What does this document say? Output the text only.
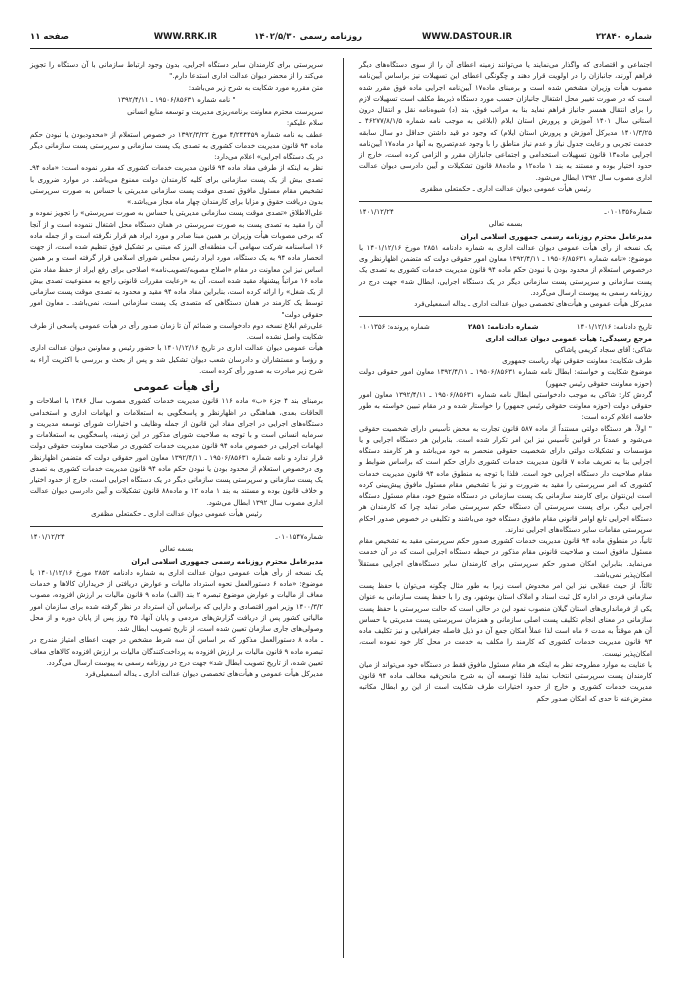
شماره ۲۲۸۴۰
WWW.DASTOUR.IR
روزنامه رسمی ۱۴۰۲/۵/۳۰
WWW.RRK.IR
صفحه ۱۱

اجتماعی و اقتصادی که واگذار می‌نمایند یا می‌توانند زمینه اعطای آن را از سوی دستگاه‌های دیگر فراهم آورند، جانبازان را در اولویت قرار دهند و چگونگی اعطای این تسهیلات نیز براساس آیین‌نامه مصوب هیأت وزیران مشخص شده است و برمبنای ماده۱۷ آیین‌نامه اجرایی ماده فوق مقرر شده است که در صورت تغییر محل اشتغال جانبازان حسب مورد دستگاه ذیربط مکلف است تسهیلات لازم را برای انتقال همسر جانباز فراهم نماید بنا به مراتب فوق، بند (د) شیوه‌نامه نقل و انتقال درون استانی سال ۱۴۰۱ آموزش و پرورش استان ایلام (ابلاغی به موجب نامه شماره ۴۶۲۷۷/۸/۱/۵ ـ ۱۴۰۱/۳/۲۵ مدیرکل آموزش و پرورش استان ایلام) که وجود دو قید داشتن حداقل دو سال سابقه خدمت تجربی و رعایت جدول نیاز و عدم نیاز مناطق را با وجود عدم‌تصریح به آنها در ماده۱۷ آیین‌نامه اجرایی ماده۱۳ قانون تسهیلات استخدامی و اجتماعی جانبازان مقرر و الزامی کرده است، خارج از حدود اختیار بوده و مستند به بند ۱ ماده۱۲ و ماده۸۸ قانون تشکیلات و آیین دادرسی دیوان عدالت اداری مصوب سال ۱۳۹۲ ابطال می‌شود.

رئیس هیأت عمومی دیوان عدالت اداری ـ حکمتعلی مظفری

شماره۰۱۰۱۳۵۶ـ
۱۴۰۱/۱۲/۲۴

بسمه تعالی

مدیرعامل محترم روزنامه رسمی جمهوری اسلامی ایران

یک نسخه از رأی هیأت عمومی دیوان عدالت اداری به شماره دادنامه ۲۸۵۱ مورخ ۱۴۰۱/۱۲/۱۶ با موضوع: «نامه شماره ۱۹۵۰۶/۸۵۶۳۱ ـ ۱۳۹۲/۴/۱۱ معاون امور حقوقی دولت که متضمن اظهارنظر وی درخصوص استعلام از محدود بودن یا نبودن حکم ماده ۹۴ قانون مدیریت خدمات کشوری به تصدی یک پست سازمانی و سرپرستی پست سازمانی دیگر در یک دستگاه اجرایی، ابطال شد» جهت درج در روزنامه رسمی به پیوست ارسال می‌گردد.

مدیرکل هیأت عمومی و هیأت‌های تخصصی دیوان عدالت اداری ـ یداله اسمعیلی‌فرد

تاریخ دادنامه: ۱۴۰۱/۱۲/۱۶
شماره دادنامه: ۲۸۵۱
شماره پرونده: ۰۱۰۱۳۵۶

مرجع رسیدگی: هیأت عمومی دیوان عدالت اداری

شاکی: آقای سجاد کریمی پاشاکی

طرف شکایت: معاونت حقوقی نهاد ریاست جمهوری

موضوع شکایت و خواسته: ابطال نامه شماره ۱۹۵۰۶/۸۵۶۳۱ ـ ۱۳۹۲/۴/۱۱ معاون امور حقوقی دولت (حوزه معاونت حقوقی رئیس جمهور)

گردش کار: شاکی به موجب دادخواستی ابطال نامه شماره ۱۹۵۰۶/۸۵۶۳۱ ـ ۱۳۹۲/۴/۱۱ معاون امور حقوقی دولت (حوزه معاونت حقوقی رئیس جمهور) را خواستار شده و در مقام تبیین خواسته به طور خلاصه اعلام کرده است:

" اولاً، هر دستگاه دولتی مستنداً از ماده ۵۸۷ قانون تجارت به محض تأسیس دارای شخصیت حقوقی می‌شود و عمدتاً در قوانین تأسیس نیز این امر تکرار شده است. بنابراین هر دستگاه اجرایی و یا مؤسسات و تشکیلات دولتی دارای شخصیت حقوقی منحصر به خود می‌باشد و هر کارمند دستگاه اجرایی بنا به تعریف ماده ۷ قانون مدیریت خدمات کشوری دارای حکم است که براساس ضوابط و مقام صلاحیت دار دستگاه اجرایی خود است. فلذا با توجه به منطوق ماده ۹۴ قانون مدیریت خدمات کشوری که امر سرپرستی را مقید به ضرورت و نیز با تشخیص مقام مسئول مافوق پیش‌بینی کرده است این‌نتوان برای کارمند سازمانی یک پست سازمانی در دستگاه متبوع خود، مقام مسئول دستگاه اجرایی دیگر، برای پست سرپرستی آن دستگاه حکم سرپرستی صادر نماید چرا که کارمندان هر دستگاه اجرایی تابع اوامر قانونی مقام مافوق دستگاه خود می‌باشند و تکلیفی در خصوص صدور احکام سرپرستی مقامات سایر دستگاه‌های اجرایی ندارند.

ثانیاً، در منطوق ماده ۹۴ قانون مدیریت خدمات کشوری صدور حکم سرپرستی مقید به تشخیص مقام مسئول مافوق است و صلاحیت قانونی مقام مذکور در حیطه دستگاه اجرایی است که در آن خدمت می‌نماید. بنابراین امکان صدور حکم سرپرستی برای کارمندان سایر دستگاه‌های اجرایی مستقلاً امکان‌پذیر نمی‌باشد.

ثالثاً، از حیث عقلایی نیز این امر مخدوش است زیرا به طور مثال چگونه می‌توان با حفظ پست سازمانی فردی در اداره کل ثبت اسناد و املاک استان بوشهر، وی را با حفظ پست سازمانی به عنوان یکی از فرمانداری‌های استان گیلان منصوب نمود این در حالی است که حالت سرپرستی با حفظ پست سازمانی در معنای انجام تکلیف پست اصلی سازمانی و همزمان سرپرستی پست مدیریتی یا حساس آن هم موقتاً به مدت ۶ ماه است لذا عملاً امکان جمع آن دو ذیل فاصله جغرافیایی و نیز تکلیف ماده ۹۳ قانون مدیریت خدمات کشوری که کارمند را مکلف به خدمت در محل کار خود نموده است، امکان‌پذیر نیست.

با عنایت به موارد مطروحه نظر به اینکه هر مقام مسئول مافوق فقط در دستگاه خود می‌تواند از میان کارمندان پست سرپرستی انتخاب نماید فلذا توسعه آن به شرح مانحن‌فیه مخالف ماده ۹۴ قانون مدیریت خدمات کشوری و خارج از حدود اختیارات طرف شکایت است از این رو ابطال مکاتبه معترض‌عنه تا حدی که امکان صدور حکم

سرپرستی برای کارمندان سایر دستگاه اجرایی، بدون وجود ارتباط سازمانی با آن دستگاه را تجویز می‌کند را از محضر دیوان عدالت اداری استدعا دارم."

متن مقرره مورد شکایت به شرح زیر می‌باشد:

" نامه شماره ۱۹۵۰۶/۸۵۶۳۱ ـ ۱۳۹۲/۴/۱۱

سرپرست محترم معاونت برنامه‌ریزی مدیریت و توسعه منابع انسانی

سلام علیکم:

عطف به نامه شماره ۴/۲۴۴۴۵۹ مورخ ۱۳۹۲/۳/۲۲ در خصوص استعلام از «محدودبودن یا نبودن حکم ماده ۹۴ قانون مدیریت خدمات کشوری به تصدی یک پست سازمانی و سرپرستی پست سازمانی دیگر در یک دستگاه اجرایی» اعلام می‌دارد:

نظر به اینکه از طرفی مفاد ماده ۹۴ قانون مدیریت خدمات کشوری که مقرر نموده است: «ماده ۹۴ـ تصدی بیش از یک پست سازمانی برای کلیه کارمندان دولت ممنوع می‌باشد. در موارد ضروری با تشخیص مقام مسئول مافوق تصدی موقت پست سازمانی مدیریتی یا حساس به صورت سرپرستی بدون دریافت حقوق و مزایا برای کارمندان چهار ماه مجاز می‌باشد.»

علی‌الاطلاق «تصدی موقت پست سازمانی مدیریتی یا حساس به صورت سرپرستی» را تجویز نموده و آن را مقید به تصدی پست به صورت سرپرستی در همان دستگاه محل اشتغال ننموده است و از آنجا که برخی مصوبات هیأت وزیران بر همین مبنا صادر و مورد ایراد هم قرار نگرفته است و از جمله ماده ۱۶ اساسنامه شرکت سهامی آب منطقه‌ای البرز که مبتنی بر تشکیل فوق تنظیم شده است، از جهت انحصار ماده ۹۴ به یک دستگاه، مورد ایراد رئیس مجلس شورای اسلامی قرار گرفته است و بر همین اساس نیز این معاونت در مقام «اصلاح مصوبه/تصویب‌نامه» اصلاحی برای رفع ایراد از حفظ مفاد متن ماده ۱۶ مراتباً پیشنهاد مقید شده است، آن به «رعایت مقررات قانونی راجع به ممنوعیت تصدی بیش از یک شغل» را ارائه کرده است، بنابراین مفاد ماده ۹۴ مقید و محدود به تصدی موقت پست سازمانی توسط یک کارمند در همان دستگاهی که متصدی یک پست سازمانی است، نمی‌باشد. ـ معاون امور حقوقی دولت"

علی‌رغم ابلاغ نسخه دوم دادخواست و ضمائم آن تا زمان صدور رأی در هیأت عمومی پاسخی از طرف شکایت واصل نشده است.

هیأت عمومی دیوان عدالت اداری در تاریخ ۱۴۰۱/۱۲/۱۶ با حضور رئیس و معاونین دیوان عدالت اداری و رؤسا و مستشاران و دادرسان شعب دیوان تشکیل شد و پس از بحث و بررسی با اکثریت آراء به شرح زیر مبادرت به صدور رأی کرده است.

رأی هیأت عمومی

برمبنای بند ۴ جزء «ب» ماده ۱۱۶ قانون مدیریت خدمات کشوری مصوب سال ۱۳۸۶ با اصلاحات و الحاقات بعدی، هماهنگی در اظهارنظر و پاسخگویی به استعلامات و ابهامات اداری و استخدامی دستگاه‌های اجرایی در اجرای مفاد این قانون از جمله وظایف و اختیارات شورای توسعه مدیریت و سرمایه انسانی است و با توجه به صلاحیت شورای مذکور در این زمینه، پاسخگویی به استعلامات و ابهامات اجرایی در خصوص ماده ۹۴ قانون مدیریت خدمات کشوری در صلاحیت معاونت حقوقی دولت قرار ندارد و نامه شماره ۱۹۵۰۶/۸۵۶۳۱ ـ ۱۳۹۲/۴/۱۱ معاون امور حقوقی دولت که متضمن اظهارنظر وی درخصوص استعلام از محدود بودن یا نبودن حکم ماده ۹۴ قانون مدیریت خدمات کشوری به تصدی یک پست سازمانی و سرپرستی پست سازمانی دیگر در یک دستگاه اجرایی است، خارج از حدود اختیار و خلاف قانون بوده و مستند به بند ۱ ماده ۱۲ و ماده۸۸ قانون تشکیلات و آیین دادرسی دیوان عدالت اداری مصوب سال ۱۳۹۲ ابطال می‌شود.

رئیس هیأت عمومی دیوان عدالت اداری ـ حکمتعلی مظفری

شماره۰۱۰۱۵۴۷ـ
۱۴۰۱/۱۲/۲۴

بسمه تعالی

مدیرعامل محترم روزنامه رسمی جمهوری اسلامی ایران

یک نسخه از رأی هیأت عمومی دیوان عدالت اداری به شماره دادنامه ۲۸۵۲ مورخ ۱۴۰۱/۱۲/۱۶ با موضوع: «ماده ۶ دستورالعمل نحوه استرداد مالیات و عوارض دریافتی از خریداران کالاها و خدمات معاف از مالیات و عوارض موضوع تبصره ۲ بند (الف) ماده ۹ قانون مالیات بر ارزش افزوده، مصوب ۱۴۰۰/۳/۲ وزیر امور اقتصادی و دارایی که براساس آن استرداد در نظر گرفته شده برای سازمان امور مالیاتی کشور پس از دریافت گزارش‌های مردمی و پایان آنها، ۴۵ روز پس از پایان دوره و از محل وصولی‌های جاری سازمان تعیین شده است، از تاریخ تصویب ابطال شد.

ـ ماده ۸ دستورالعمل مذکور که بر اساس آن سه شرط مشخص در جهت اعطای امتیاز مندرج در تبصره ماده ۹ قانون مالیات بر ارزش افزوده به پرداخت‌کنندگان مالیات بر ارزش افزوده کالاهای معاف تعیین شده، از تاریخ تصویب ابطال شد» جهت درج در روزنامه رسمی به پیوست ارسال می‌گردد.

مدیرکل هیأت عمومی و هیأت‌های تخصصی دیوان عدالت اداری ـ یداله اسمعیلی‌فرد
